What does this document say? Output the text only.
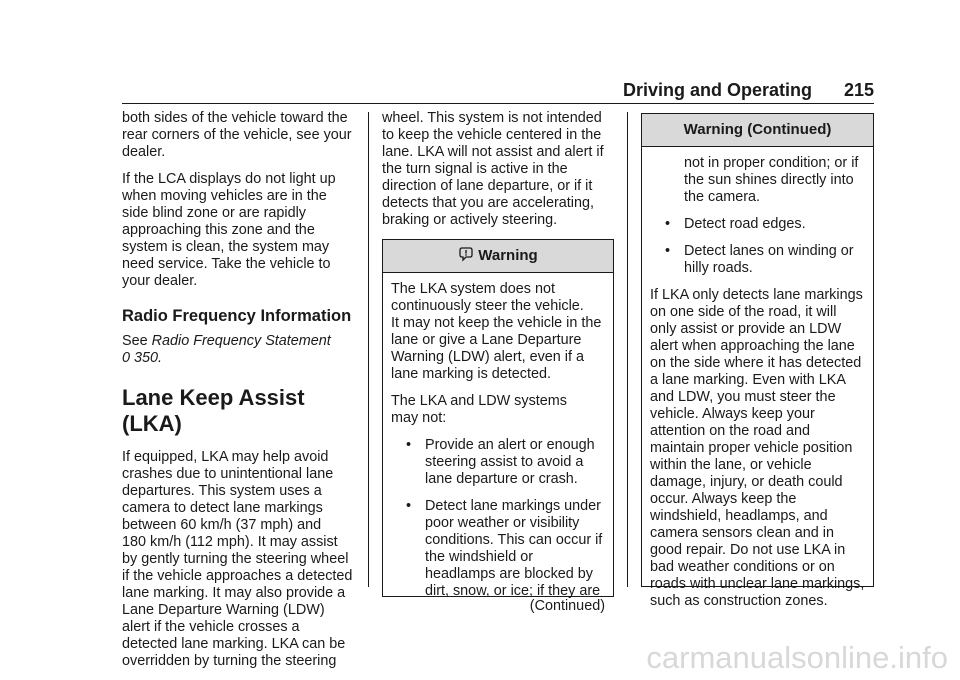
Driving and Operating 215

both sides of the vehicle toward the
rear corners of the vehicle, see your
dealer.

If the LCA displays do not light up
when moving vehicles are in the
side blind zone or are rapidly
approaching this zone and the
system is clean, the system may
need service. Take the vehicle to
your dealer.

Radio Frequency Information

See Radio Frequency Statement
0 350.

Lane Keep Assist (LKA)

If equipped, LKA may help avoid
crashes due to unintentional lane
departures. This system uses a
camera to detect lane markings
between 60 km/h (37 mph) and
180 km/h (112 mph). It may assist
by gently turning the steering wheel
if the vehicle approaches a detected
lane marking. It may also provide a
Lane Departure Warning (LDW)
alert if the vehicle crosses a
detected lane marking. LKA can be
overridden by turning the steering

wheel. This system is not intended
to keep the vehicle centered in the
lane. LKA will not assist and alert if
the turn signal is active in the
direction of lane departure, or if it
detects that you are accelerating,
braking or actively steering.

Warning

The LKA system does not
continuously steer the vehicle.
It may not keep the vehicle in the
lane or give a Lane Departure
Warning (LDW) alert, even if a
lane marking is detected.

The LKA and LDW systems
may not:

• Provide an alert or enough
steering assist to avoid a
lane departure or crash.
• Detect lane markings under
poor weather or visibility
conditions. This can occur if
the windshield or
headlamps are blocked by
dirt, snow, or ice; if they are
(Continued)
Warning (Continued)

not in proper condition; or if
the sun shines directly into
the camera.

• Detect road edges.
• Detect lanes on winding or
hilly roads.

If LKA only detects lane markings
on one side of the road, it will
only assist or provide an LDW
alert when approaching the lane
on the side where it has detected
a lane marking. Even with LKA
and LDW, you must steer the
vehicle. Always keep your
attention on the road and
maintain proper vehicle position
within the lane, or vehicle
damage, injury, or death could
occur. Always keep the
windshield, headlamps, and
camera sensors clean and in
good repair. Do not use LKA in
bad weather conditions or on
roads with unclear lane markings,
such as construction zones.

carmanualsonline.info
